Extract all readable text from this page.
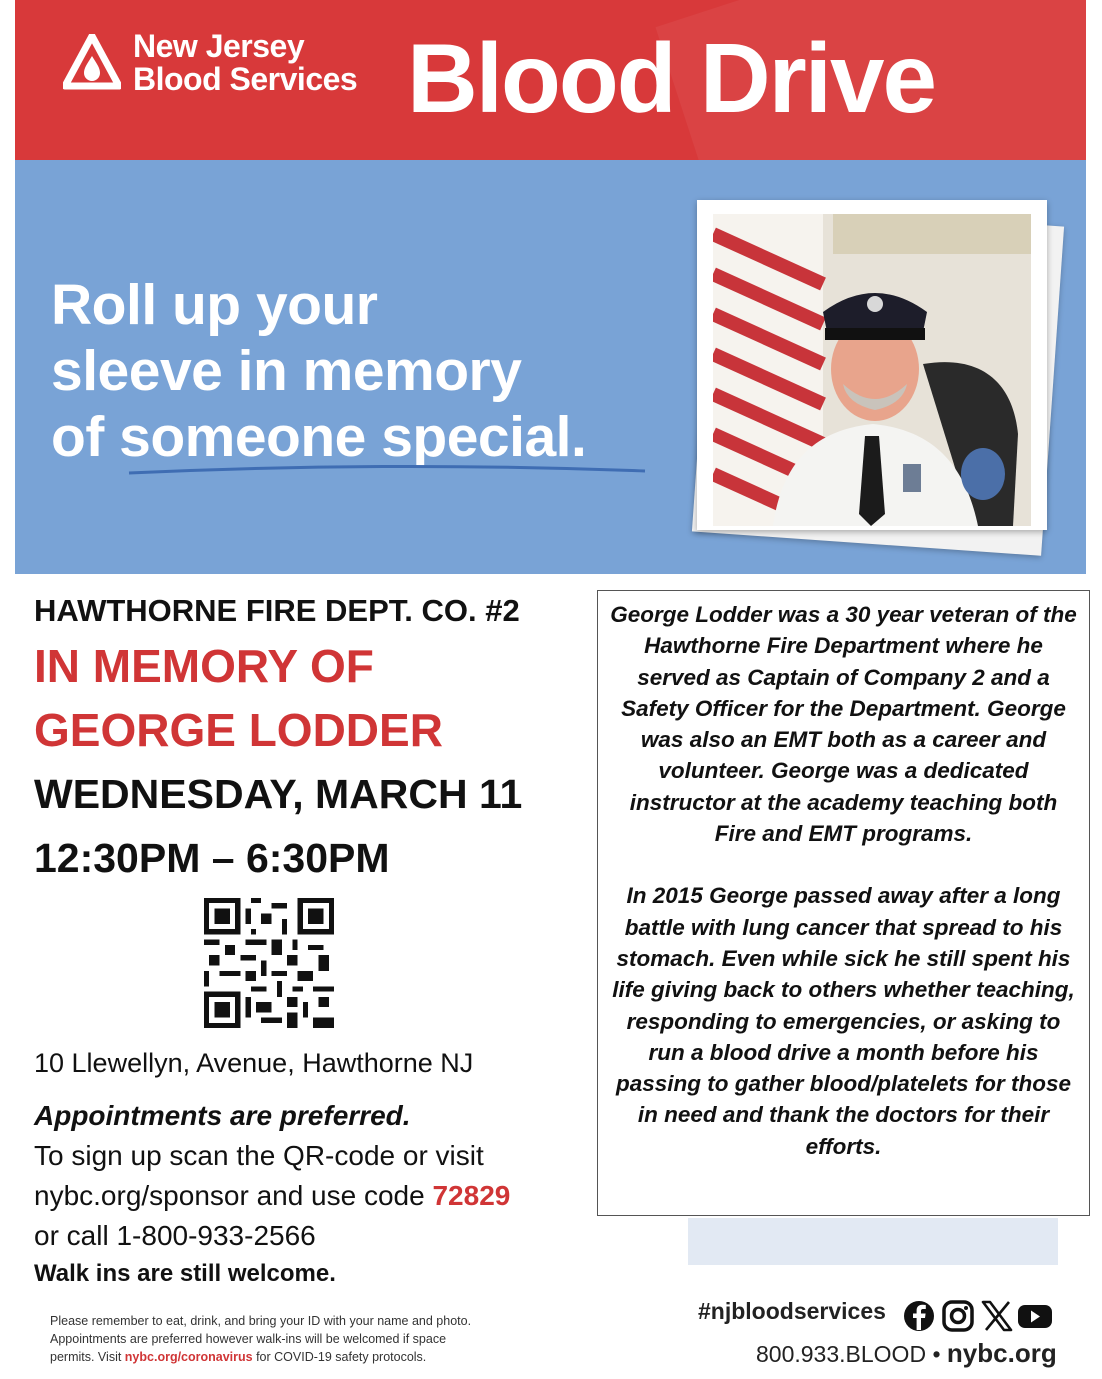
New Jersey
Blood Services Blood Drive
Roll up your
sleeve in memory
of someone special.
HAWTHORNE FIRE DEPT. CO. #2
IN MEMORY OF
GEORGE LODDER
WEDNESDAY, MARCH 11
12:30PM – 6:30PM
10 Llewellyn, Avenue, Hawthorne NJ
Appointments are preferred.
To sign up scan the QR-code or visit
nybc.org/sponsor and use code 72829
or call 1-800-933-2566
Walk ins are still welcome.
Please remember to eat, drink, and bring your ID with your name and photo.
Appointments are preferred however walk-ins will be welcomed if space
permits. Visit nybc.org/coronavirus for COVID-19 safety protocols.

George Lodder was a 30 year veteran of the Hawthorne Fire Department where he served as Captain of Company 2 and a Safety Officer for the Department. George was also an EMT both as a career and volunteer. George was a dedicated instructor at the academy teaching both Fire and EMT programs.

In 2015 George passed away after a long battle with lung cancer that spread to his stomach. Even while sick he still spent his life giving back to others whether teaching, responding to emergencies, or asking to run a blood drive a month before his passing to gather blood/platelets for those in need and thank the doctors for their efforts.

#njbloodservices
800.933.BLOOD • nybc.org
